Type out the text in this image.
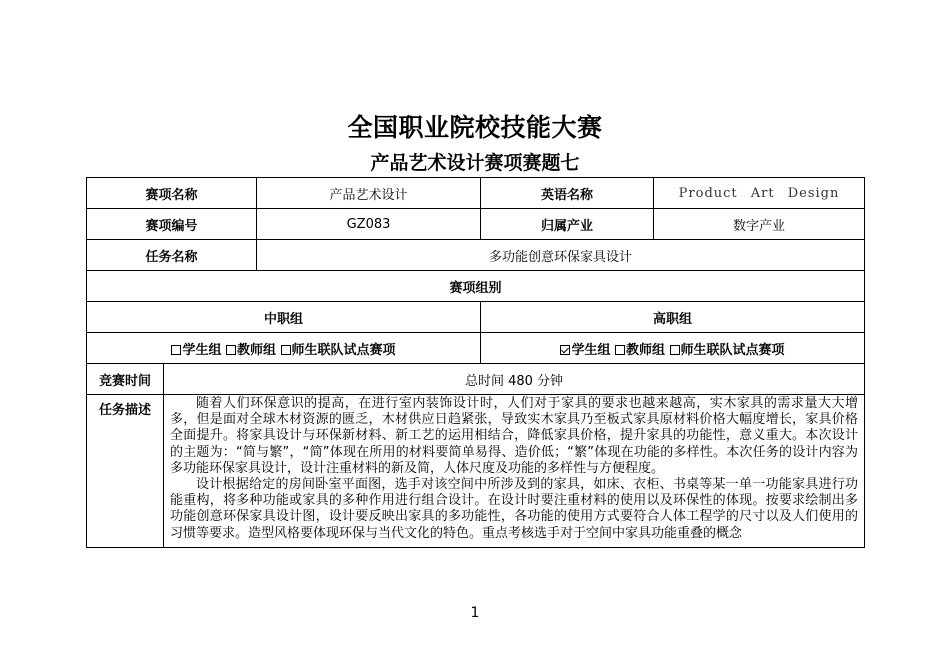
全国职业院校技能大赛
产品艺术设计赛项赛题七
赛项名称		产品艺术设计	英语名称	Product Art Design
赛项编号		GZ083	归属产业	数字产业
任务名称		多功能创意环保家具设计		
赛项组别				
中职组			高职组	
学生组 教师组 师生联队试点赛项			学生组 教师组 师生联队试点赛项	
竞赛时间	总时间 480 分钟			
任务描述	随着人们环保意识的提高，在进行室内装饰设计时，人们对于家具的要求也越来越高，实木家具的需求量大大增多，但是面对全球木材资源的匮乏，木材供应日趋紧张，导致实木家具乃至板式家具原材料价格大幅度增长，家具价格全面提升。将家具设计与环保新材料、新工艺的运用相结合，降低家具价格，提升家具的功能性，意义重大。本次设计的主题为：“简与繁”，“简”体现在所用的材料要简单易得、造价低；“繁”体现在功能的多样性。本次任务的设计内容为多功能环保家具设计，设计注重材料的新及简，人体尺度及功能的多样性与方便程度。

设计根据给定的房间卧室平面图，选手对该空间中所涉及到的家具，如床、衣柜、书桌等某一单一功能家具进行功能重构，将多种功能或家具的多种作用进行组合设计。在设计时要注重材料的使用以及环保性的体现。按要求绘制出多功能创意环保家具设计图，设计要反映出家具的多功能性，各功能的使用方式要符合人体工程学的尺寸以及人们使用的习惯等要求。造型风格要体现环保与当代文化的特色。重点考核选手对于空间中家具功能重叠的概念			

1
